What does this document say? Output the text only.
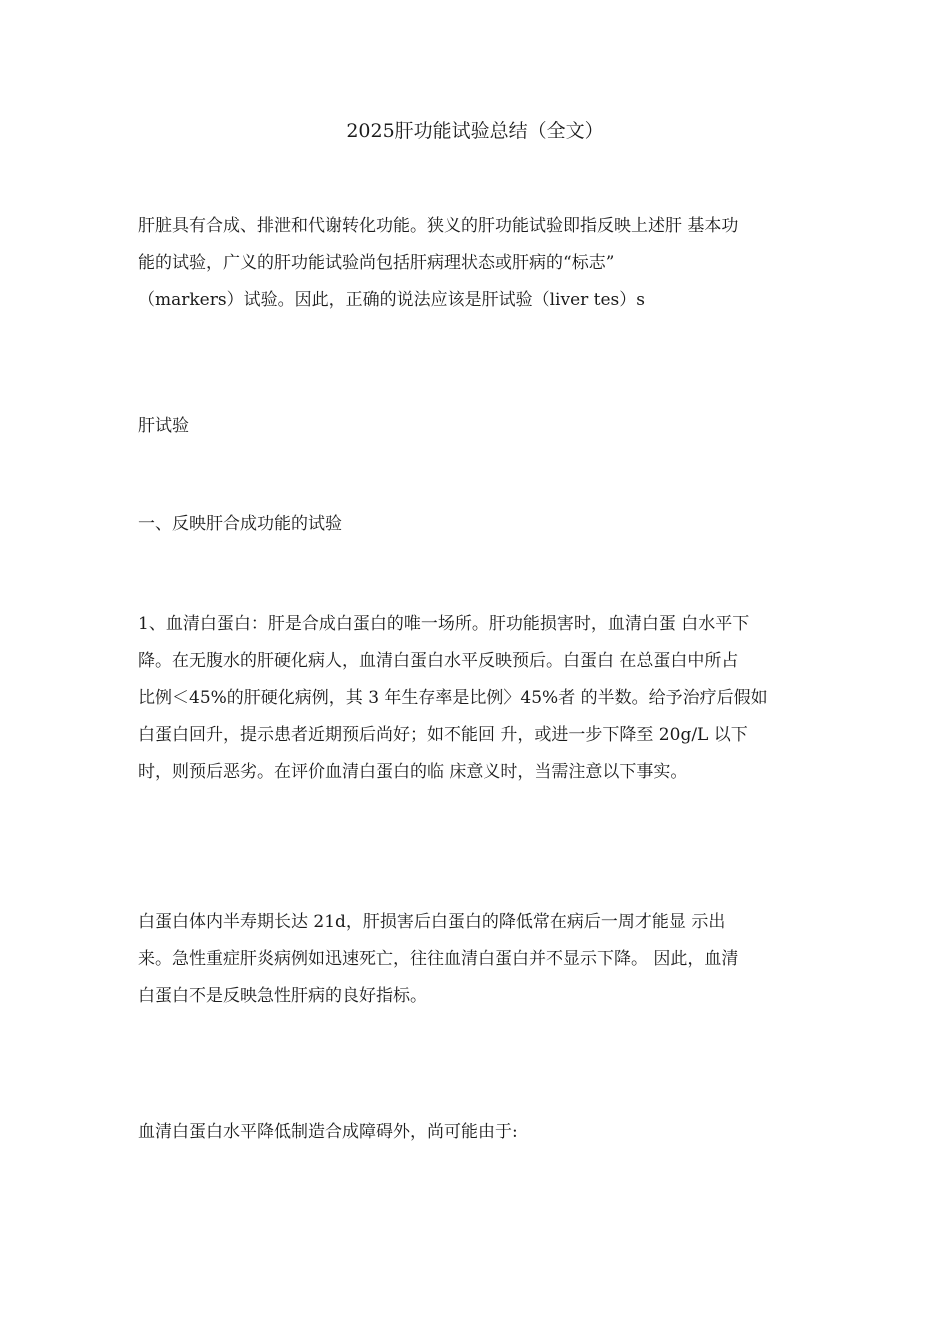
2025肝功能试验总结（全文）
肝脏具有合成、排泄和代谢转化功能。狭义的肝功能试验即指反映上述肝 基本功
能的试验，广义的肝功能试验尚包括肝病理状态或肝病的“标志”
（markers）试验。因此，正确的说法应该是肝试验（liver tes）s
肝试验
一、反映肝合成功能的试验
1、血清白蛋白：肝是合成白蛋白的唯一场所。肝功能损害时，血清白蛋 白水平下
降。在无腹水的肝硬化病人，血清白蛋白水平反映预后。白蛋白 在总蛋白中所占
比例＜45%的肝硬化病例，其 3 年生存率是比例〉45%者 的半数。给予治疗后假如
白蛋白回升，提示患者近期预后尚好；如不能回 升，或进一步下降至 20g/L 以下
时，则预后恶劣。在评价血清白蛋白的临 床意义时，当需注意以下事实。
白蛋白体内半寿期长达 21d，肝损害后白蛋白的降低常在病后一周才能显 示出
来。急性重症肝炎病例如迅速死亡，往往血清白蛋白并不显示下降。 因此，血清
白蛋白不是反映急性肝病的良好指标。
血清白蛋白水平降低制造合成障碍外，尚可能由于:
